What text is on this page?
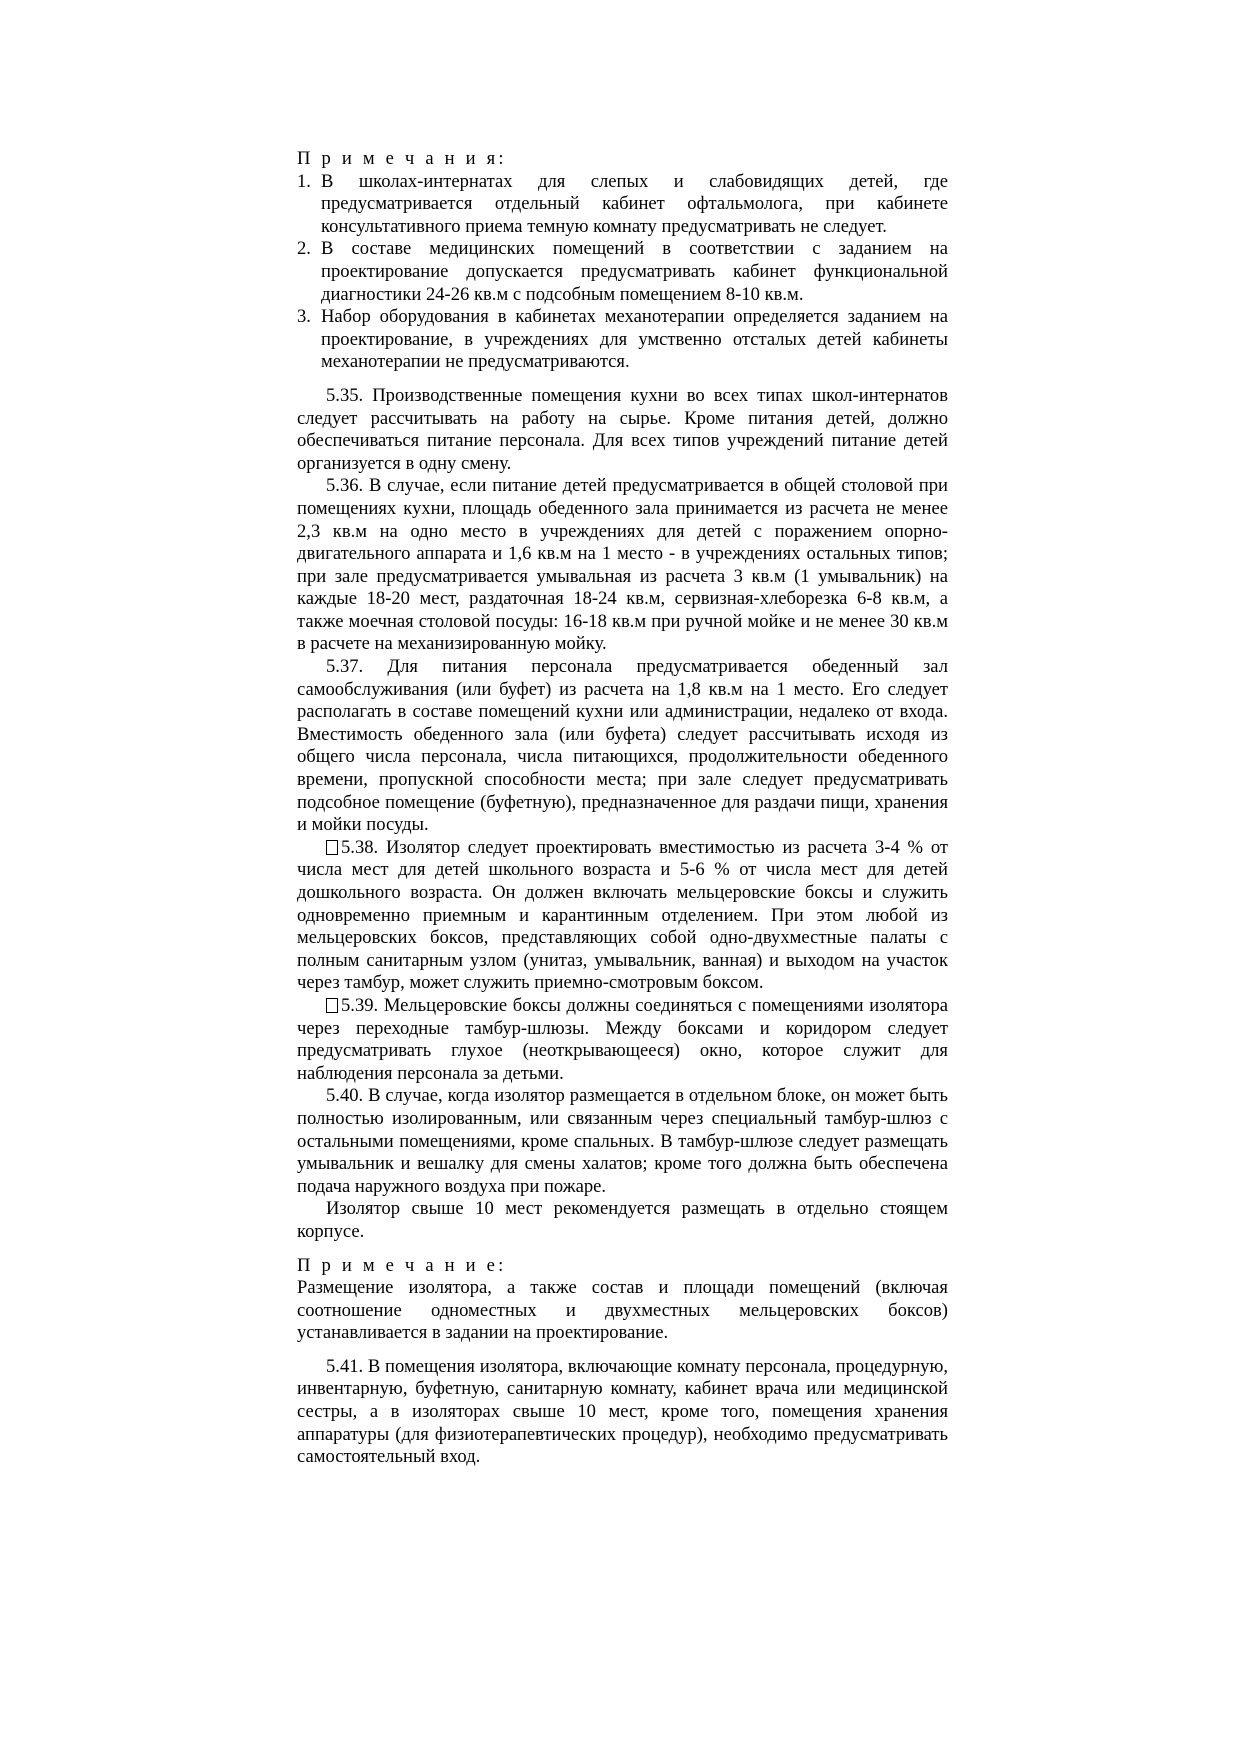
П р и м е ч а н и я:

1. В школах-интернатах для слепых и слабовидящих детей, где предусматривается отдельный кабинет офтальмолога, при кабинете консультативного приема темную комнату предусматривать не следует.
2. В составе медицинских помещений в соответствии с заданием на проектирование допускается предусматривать кабинет функциональной диагностики 24-26 кв.м с подсобным помещением 8-10 кв.м.
3. Набор оборудования в кабинетах механотерапии определяется заданием на проектирование, в учреждениях для умственно отсталых детей кабинеты механотерапии не предусматриваются.

5.35. Производственные помещения кухни во всех типах школ-интернатов следует рассчитывать на работу на сырье. Кроме питания детей, должно обеспечиваться питание персонала. Для всех типов учреждений питание детей организуется в одну смену.

5.36. В случае, если питание детей предусматривается в общей столовой при помещениях кухни, площадь обеденного зала принимается из расчета не менее 2,3 кв.м на одно место в учреждениях для детей с поражением опорно-двигательного аппарата и 1,6 кв.м на 1 место - в учреждениях остальных типов; при зале предусматривается умывальная из расчета 3 кв.м (1 умывальник) на каждые 18-20 мест, раздаточная 18-24 кв.м, сервизная-хлеборезка 6-8 кв.м, а также моечная столовой посуды: 16-18 кв.м при ручной мойке и не менее 30 кв.м в расчете на механизированную мойку.

5.37. Для питания персонала предусматривается обеденный зал самообслуживания (или буфет) из расчета на 1,8 кв.м на 1 место. Его следует располагать в составе помещений кухни или администрации, недалеко от входа. Вместимость обеденного зала (или буфета) следует рассчитывать исходя из общего числа персонала, числа питающихся, продолжительности обеденного времени, пропускной способности места; при зале следует предусматривать подсобное помещение (буфетную), предназначенное для раздачи пищи, хранения и мойки посуды.

5.38. Изолятор следует проектировать вместимостью из расчета 3-4 % от числа мест для детей школьного возраста и 5-6 % от числа мест для детей дошкольного возраста. Он должен включать мельцеровские боксы и служить одновременно приемным и карантинным отделением. При этом любой из мельцеровских боксов, представляющих собой одно-двухместные палаты с полным санитарным узлом (унитаз, умывальник, ванная) и выходом на участок через тамбур, может служить приемно-смотровым боксом.

5.39. Мельцеровские боксы должны соединяться с помещениями изолятора через переходные тамбур-шлюзы. Между боксами и коридором следует предусматривать глухое (неоткрывающееся) окно, которое служит для наблюдения персонала за детьми.

5.40. В случае, когда изолятор размещается в отдельном блоке, он может быть полностью изолированным, или связанным через специальный тамбур-шлюз с остальными помещениями, кроме спальных. В тамбур-шлюзе следует размещать умывальник и вешалку для смены халатов; кроме того должна быть обеспечена подача наружного воздуха при пожаре.

Изолятор свыше 10 мест рекомендуется размещать в отдельно стоящем корпусе.

П р и м е ч а н и е:

Размещение изолятора, а также состав и площади помещений (включая соотношение одноместных и двухместных мельцеровских боксов) устанавливается в задании на проектирование.

5.41. В помещения изолятора, включающие комнату персонала, процедурную, инвентарную, буфетную, санитарную комнату, кабинет врача или медицинской сестры, а в изоляторах свыше 10 мест, кроме того, помещения хранения аппаратуры (для физиотерапевтических процедур), необходимо предусматривать самостоятельный вход.
